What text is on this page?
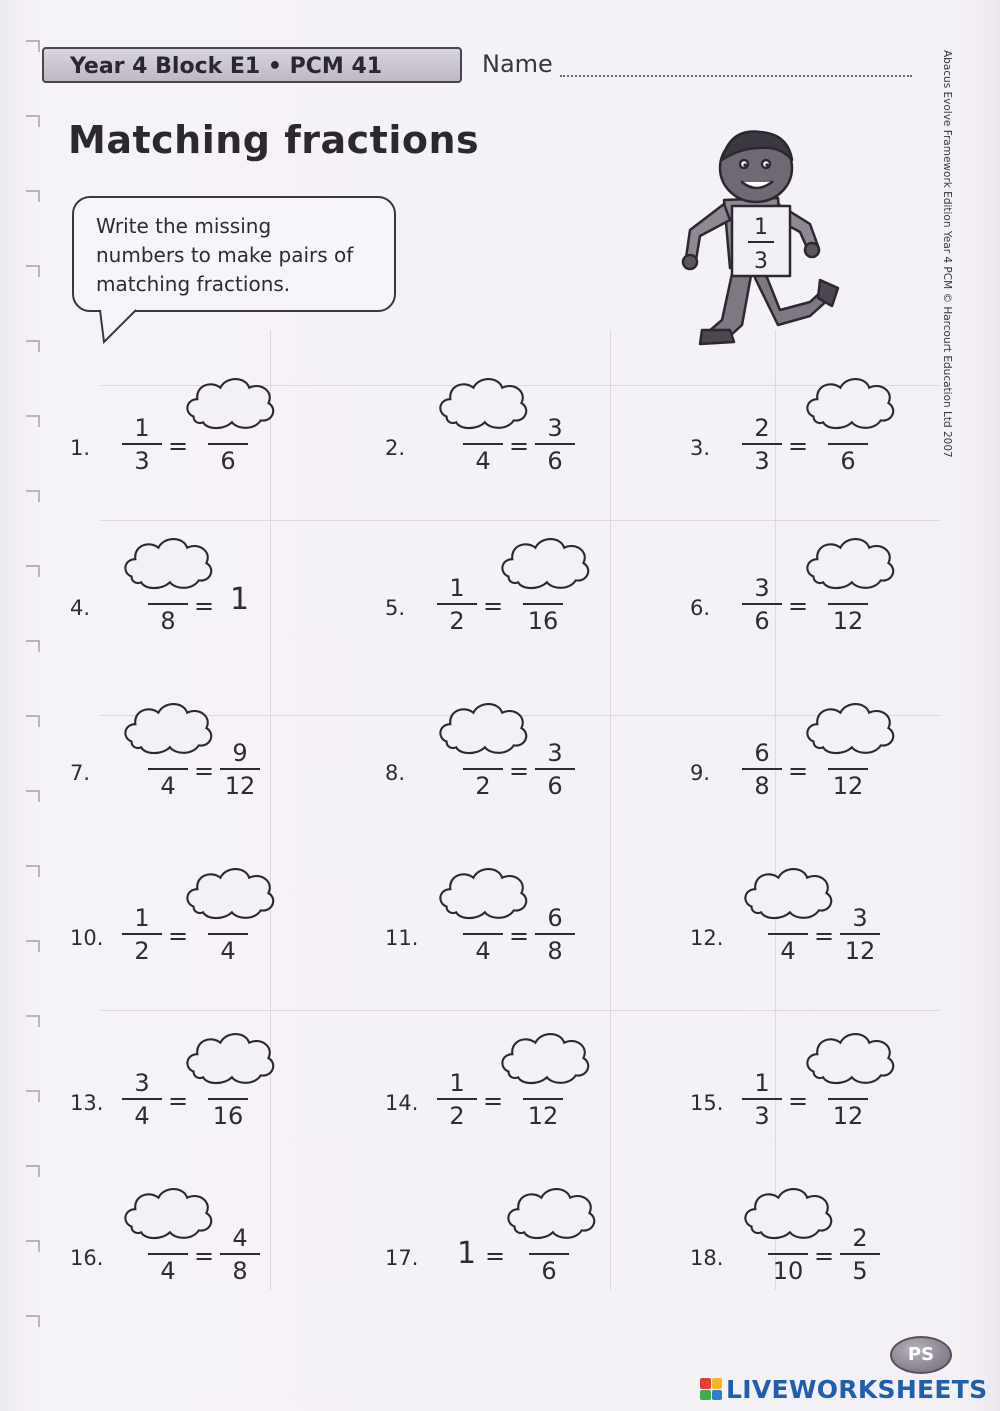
Year 4 Block E1 • PCM 41	Name	Abacus Evolve Framework Edition Year 4 PCM © Harcourt Education Ltd 2007
Matching fractions
Write the missing
numbers to make pairs of
matching fractions.
1
3
1.
1
3
=
6	2.	4
=
3
6	3.
2
3
=
6
4.	8
= 1	5.
1
2
=
16	6.
3
6
=
12
7.	4
=
9
12	8.	2
=
3
6	9.
6
8
=
12
10.
1
2
=
4	11.	4
=
6
8	12.	4
=
3
12
13.
3
4
=
16	14.
1
2
=
12	15.
1
3
=
12
16.	4
=
4
8	17. 1 =
6	18. 10
=
2
5
PS
LIVEWORKSHEETS
